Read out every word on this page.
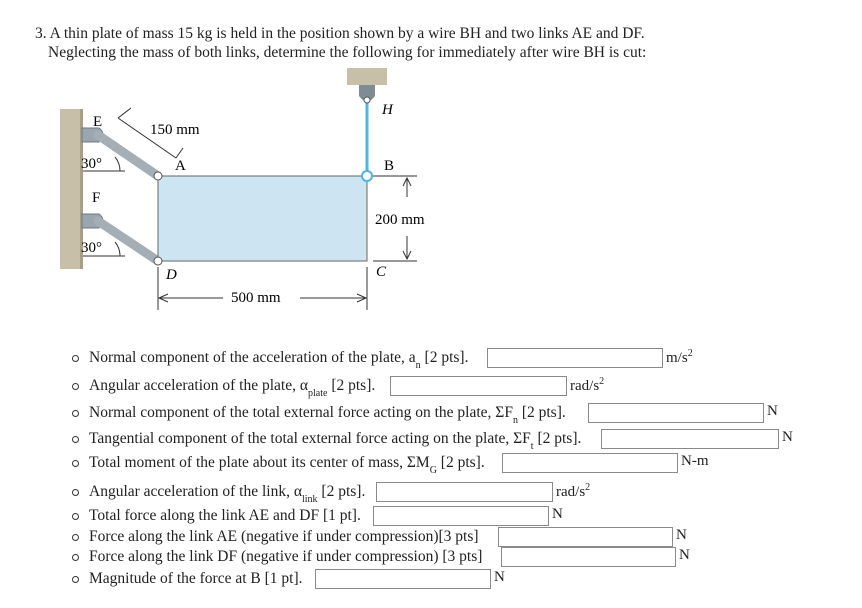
3. A thin plate of mass 15 kg is held in the position shown by a wire BH and two links AE and DF.
Neglecting the mass of both links, determine the following for immediately after wire BH is cut:
E
A
F
D
H
B
C
30°
30°
150 mm
200 mm
500 mm
Normal component of the acceleration of the plate, $a_n$ [2 pts].	$m/s^2$
Angular acceleration of the plate, $\alpha_{plate}$ [2 pts].	rad/$s^2$
Normal component of the total external force acting on the plate, $\Sigma F_n$ [2 pts].	N
Tangential component of the total external force acting on the plate, $\Sigma F_t$ [2 pts].	N
Total moment of the plate about its center of mass, $\Sigma M_G$ [2 pts].	N-m
Angular acceleration of the link, $\alpha_{link}$ [2 pts].	rad/$s^2$
Total force along the link AE and DF [1 pt].	N
Force along the link AE (negative if under compression)[3 pts]	N
Force along the link DF (negative if under compression) [3 pts]	N
Magnitude of the force at B [1 pt].	N
